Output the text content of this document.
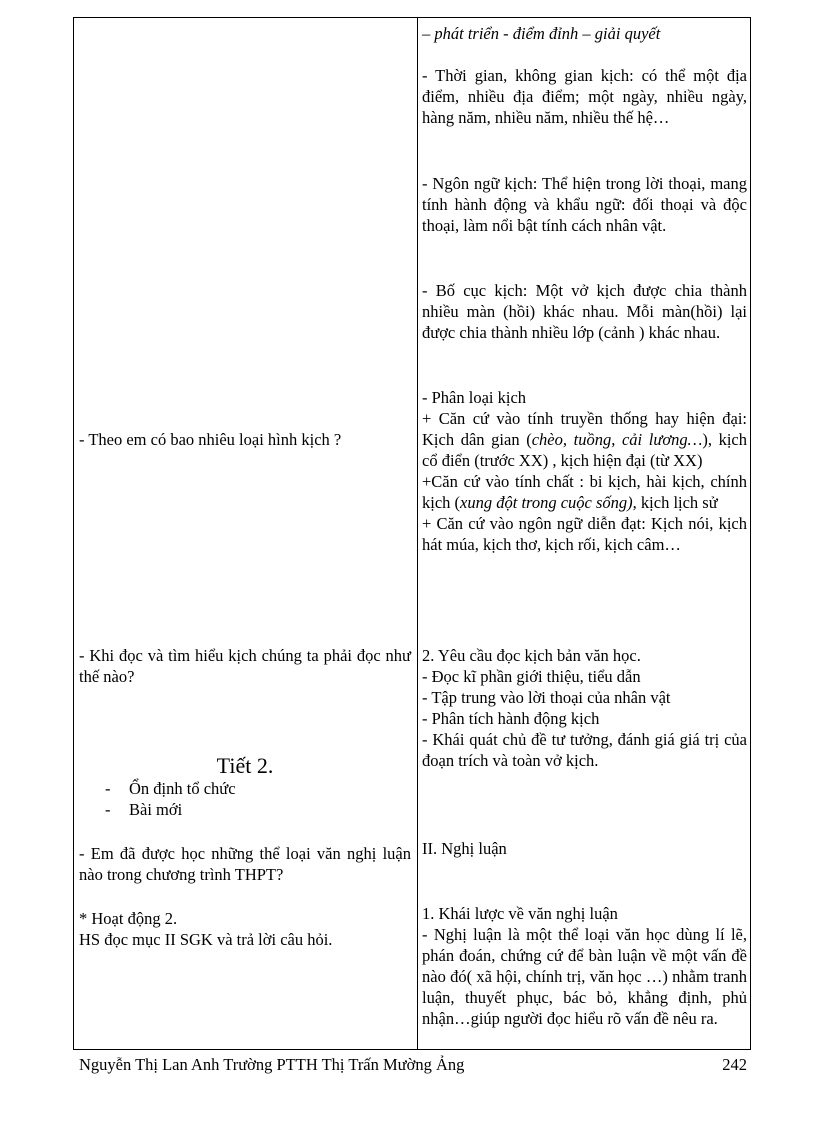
- Theo em có bao nhiêu loại hình kịch ?

- Khi đọc và tìm hiểu kịch chúng ta phải đọc như thế nào?

Tiết 2.
- Ổn định tổ chức
- Bài mới

- Em đã được học những thể loại văn nghị luận nào trong chương trình THPT?

* Hoạt động 2.

HS đọc mục II SGK và trả lời câu hỏi.

– phát triển - điểm đỉnh – giải quyết

- Thời gian, không gian kịch: có thể một địa điểm, nhiều địa điểm; một ngày, nhiều ngày, hàng năm, nhiều năm, nhiều thế hệ…

- Ngôn ngữ kịch: Thể hiện trong lời thoại, mang tính hành động và khẩu ngữ: đối thoại và độc thoại, làm nổi bật tính cách nhân vật.

- Bố cục kịch: Một vở kịch được chia thành nhiều màn (hồi) khác nhau. Mỗi màn(hồi) lại được chia thành nhiều lớp (cảnh ) khác nhau.

- Phân loại kịch

+ Căn cứ vào tính truyền thống hay hiện đại: Kịch dân gian (chèo, tuồng, cải lương…), kịch cổ điển (trước XX) , kịch hiện đại (từ XX)

+Căn cứ vào tính chất : bi kịch, hài kịch, chính kịch (xung đột trong cuộc sống), kịch lịch sử

+ Căn cứ vào ngôn ngữ diễn đạt: Kịch nói, kịch hát múa, kịch thơ, kịch rối, kịch câm…

2. Yêu cầu đọc kịch bản văn học.

- Đọc kĩ phần giới thiệu, tiểu dẫn

- Tập trung vào lời thoại của nhân vật

- Phân tích hành động kịch

- Khái quát chủ đề tư tưởng, đánh giá giá trị của đoạn trích và toàn vở kịch.

II. Nghị luận

1. Khái lược về văn nghị luận

- Nghị luận là một thể loại văn học dùng lí lẽ, phán đoán, chứng cứ để bàn luận về một vấn đề nào đó( xã hội, chính trị, văn học …) nhằm tranh luận, thuyết phục, bác bỏ, khẳng định, phủ nhận…giúp người đọc hiểu rõ vấn đề nêu ra.

Nguyễn Thị Lan Anh Trường PTTH Thị Trấn Mường Ảng	242
